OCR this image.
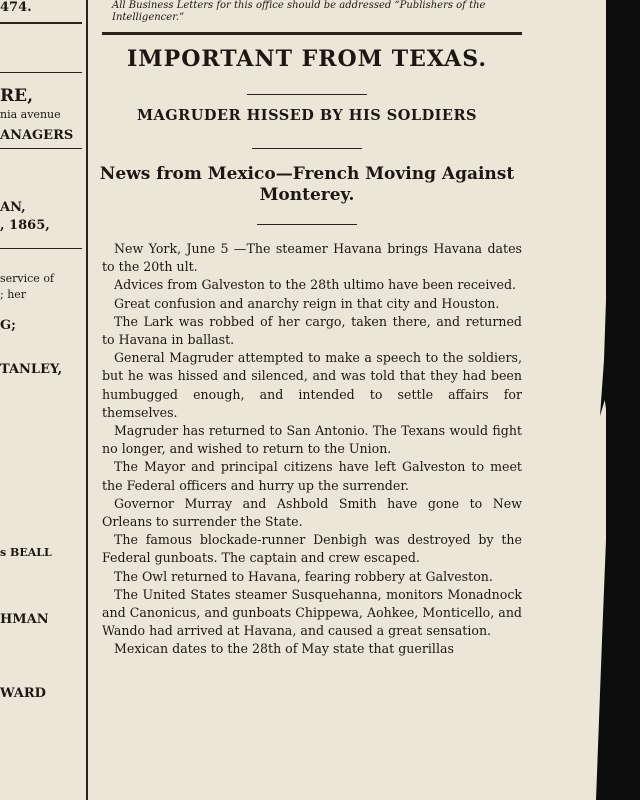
474.
RE,
nia avenue
ANAGERS
AN,
, 1865,
service of
; her
G;
TANLEY,
s BEALL
HMAN
WARD
All Business Letters for this office should be addressed “Publishers of the Intelligencer.”
IMPORTANT FROM TEXAS.
MAGRUDER HISSED BY HIS SOLDIERS
News from Mexico—French Moving Against Monterey.

New York, June 5 —The steamer Havana brings Havana dates to the 20th ult.

Advices from Galveston to the 28th ultimo have been received.

Great confusion and anarchy reign in that city and Houston.

The Lark was robbed of her cargo, taken there, and returned to Havana in ballast.

General Magruder attempted to make a speech to the soldiers, but he was hissed and silenced, and was told that they had been humbugged enough, and intended to settle affairs for themselves.

Magruder has returned to San Antonio. The Texans would fight no longer, and wished to return to the Union.

The Mayor and principal citizens have left Galveston to meet the Federal officers and hurry up the surrender.

Governor Murray and Ashbold Smith have gone to New Orleans to surrender the State.

The famous blockade-runner Denbigh was destroyed by the Federal gunboats. The captain and crew escaped.

The Owl returned to Havana, fearing robbery at Galveston.

The United States steamer Susquehanna, monitors Monadnock and Canonicus, and gunboats Chippewa, Aohkee, Monticello, and Wando had arrived at Havana, and caused a great sensation.

Mexican dates to the 28th of May state that guerillas
